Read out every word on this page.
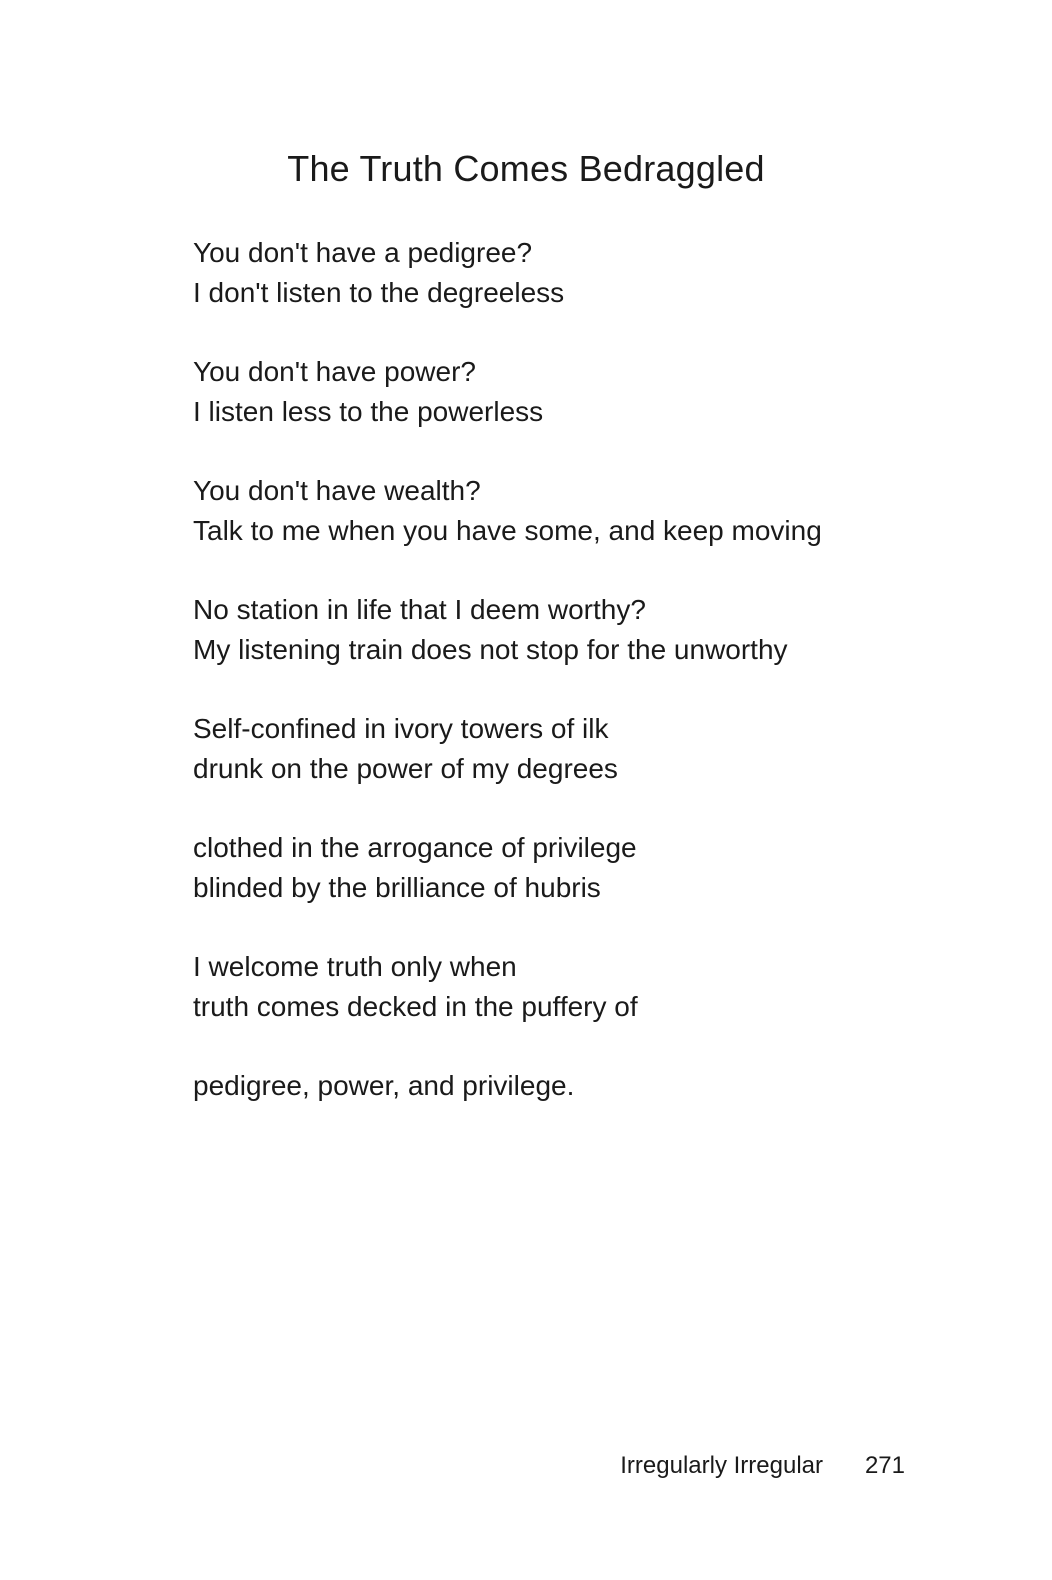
The Truth Comes Bedraggled
You don't have a pedigree?
I don't listen to the degreeless
You don't have power?
I listen less to the powerless
You don't have wealth?
Talk to me when you have some, and keep moving
No station in life that I deem worthy?
My listening train does not stop for the unworthy
Self-confined in ivory towers of ilk
drunk on the power of my degrees
clothed in the arrogance of privilege
blinded by the brilliance of hubris
I welcome truth only when
truth comes decked in the puffery of
pedigree, power, and privilege.
Irregularly Irregular 271
